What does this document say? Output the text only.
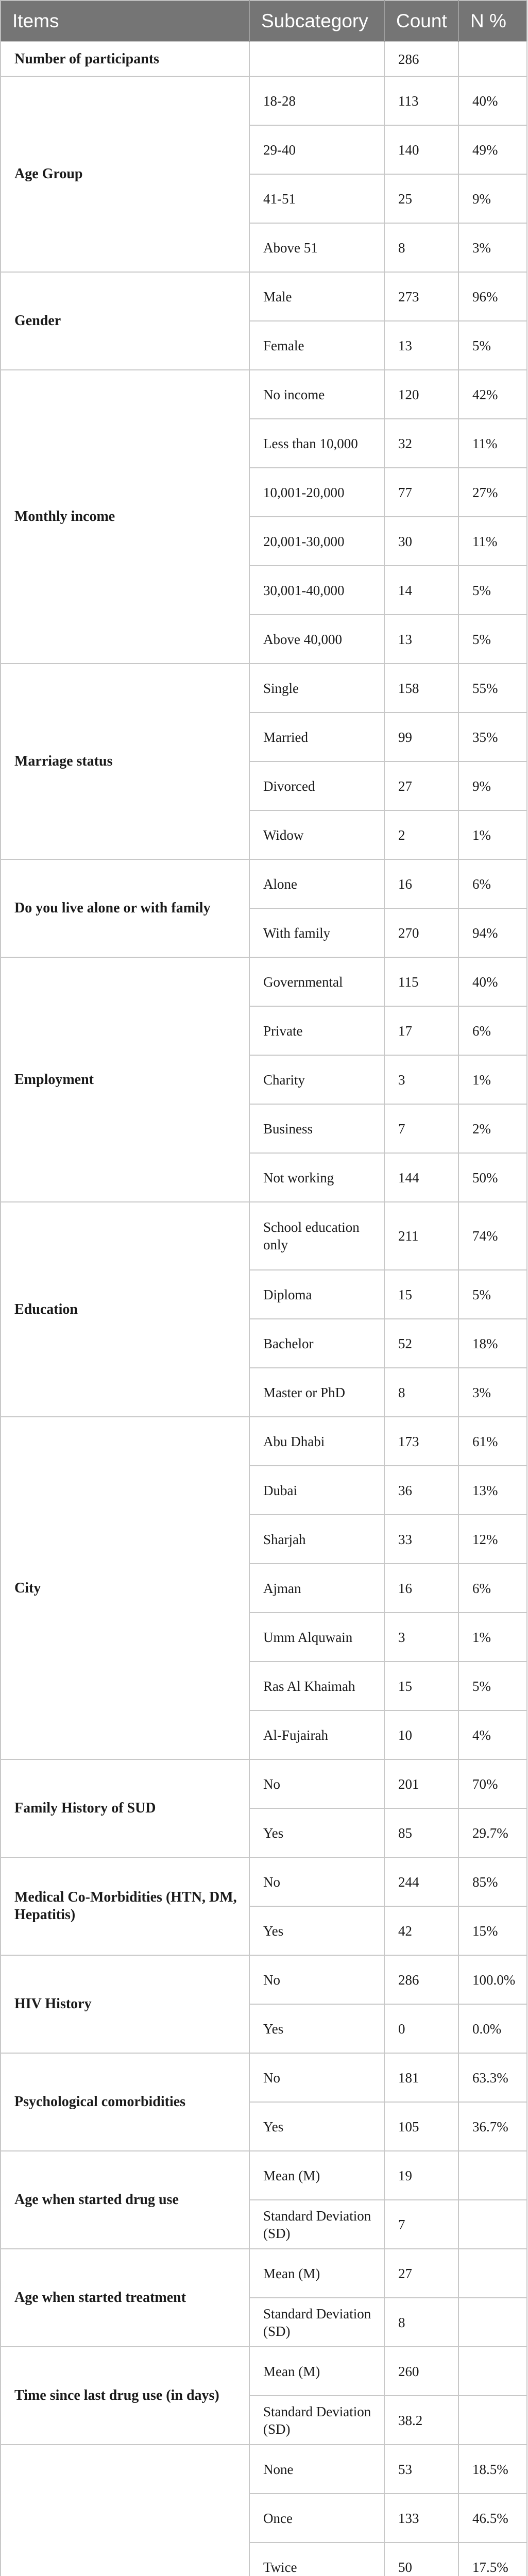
Items	Subcategory	Count	N %
Number of participants		286	
Age Group	18-28	113	40%
	29-40	140	49%
	41-51	25	9%
	Above 51	8	3%
Gender	Male	273	96%
	Female	13	5%
Monthly income	No income	120	42%
	Less than 10,000	32	11%
	10,001-20,000	77	27%
	20,001-30,000	30	11%
	30,001-40,000	14	5%
	Above 40,000	13	5%
Marriage status	Single	158	55%
	Married	99	35%
	Divorced	27	9%
	Widow	2	1%
Do you live alone or with family	Alone	16	6%
	With family	270	94%
Employment	Governmental	115	40%
	Private	17	6%
	Charity	3	1%
	Business	7	2%
	Not working	144	50%
Education	School education only	211	74%
	Diploma	15	5%
	Bachelor	52	18%
	Master or PhD	8	3%
City	Abu Dhabi	173	61%
	Dubai	36	13%
	Sharjah	33	12%
	Ajman	16	6%
	Umm Alquwain	3	1%
	Ras Al Khaimah	15	5%
	Al-Fujairah	10	4%
Family History of SUD	No	201	70%
	Yes	85	29.7%
Medical Co-Morbidities (HTN, DM, Hepatitis)	No	244	85%
	Yes	42	15%
HIV History	No	286	100.0%
	Yes	0	0.0%
Psychological comorbidities	No	181	63.3%
	Yes	105	36.7%
Age when started drug use	Mean (M)	19	
	Standard Deviation (SD)	7	
Age when started treatment	Mean (M)	27	
	Standard Deviation (SD)	8	
Time since last drug use (in days)	Mean (M)	260	
	Standard Deviation (SD)	38.2	
	None	53	18.5%
	Once	133	46.5%
	Twice	50	17.5%
